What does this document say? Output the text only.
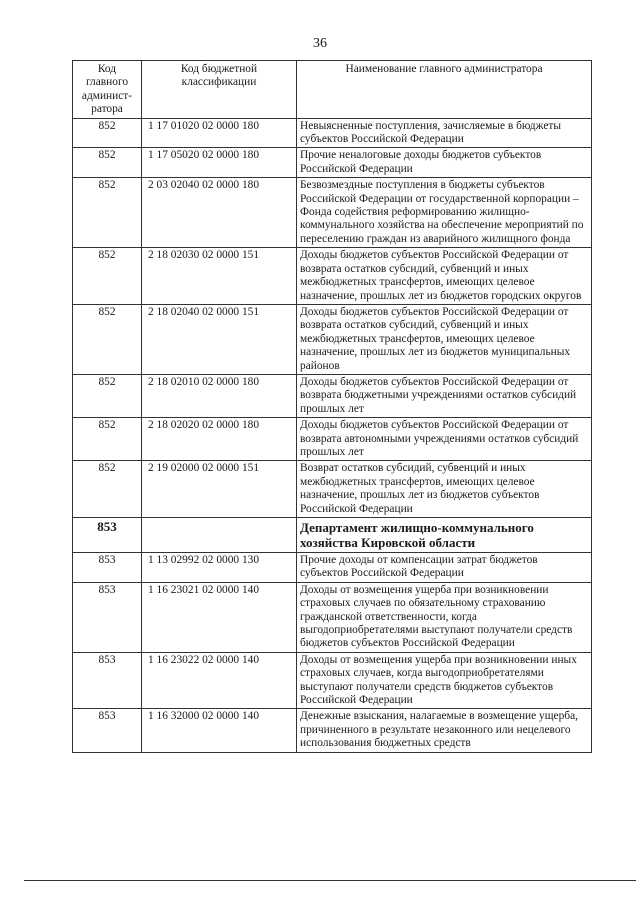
36
Код главного админист-ратора	Код бюджетной классификации	Наименование главного администратора
852	1 17 01020 02 0000 180	Невыясненные поступления, зачисляемые в бюджеты субъектов Российской Федерации
852	1 17 05020 02 0000 180	Прочие неналоговые доходы бюджетов субъектов Российской Федерации
852	2 03 02040 02 0000 180	Безвозмездные поступления в бюджеты субъектов Российской Федерации от государственной корпорации – Фонда содействия реформированию жилищно-коммунального хозяйства на обеспечение мероприятий по переселению граждан из аварийного жилищного фонда
852	2 18 02030 02 0000 151	Доходы бюджетов субъектов Российской Федерации от возврата остатков субсидий, субвенций и иных межбюджетных трансфертов, имеющих целевое назначение, прошлых лет из бюджетов городских округов
852	2 18 02040 02 0000 151	Доходы бюджетов субъектов Российской Федерации от возврата остатков субсидий, субвенций и иных межбюджетных трансфертов, имеющих целевое назначение, прошлых лет из бюджетов муниципальных районов
852	2 18 02010 02 0000 180	Доходы бюджетов субъектов Российской Федерации от возврата бюджетными учреждениями остатков субсидий прошлых лет
852	2 18 02020 02 0000 180	Доходы бюджетов субъектов Российской Федерации от возврата автономными учреждениями остатков субсидий прошлых лет
852	2 19 02000 02 0000 151	Возврат остатков субсидий, субвенций и иных межбюджетных трансфертов, имеющих целевое назначение, прошлых лет из бюджетов субъектов Российской Федерации
853		Департамент жилищно-коммунального хозяйства Кировской области
853	1 13 02992 02 0000 130	Прочие доходы от компенсации затрат бюджетов субъектов Российской Федерации
853	1 16 23021 02 0000 140	Доходы от возмещения ущерба при возникновении страховых случаев по обязательному страхованию гражданской ответственности, когда выгодоприобретателями выступают получатели средств бюджетов субъектов Российской Федерации
853	1 16 23022 02 0000 140	Доходы от возмещения ущерба при возникновении иных страховых случаев, когда выгодоприобретателями выступают получатели средств бюджетов субъектов Российской Федерации
853	1 16 32000 02 0000 140	Денежные взыскания, налагаемые в возмещение ущерба, причиненного в результате незаконного или нецелевого использования бюджетных средств
